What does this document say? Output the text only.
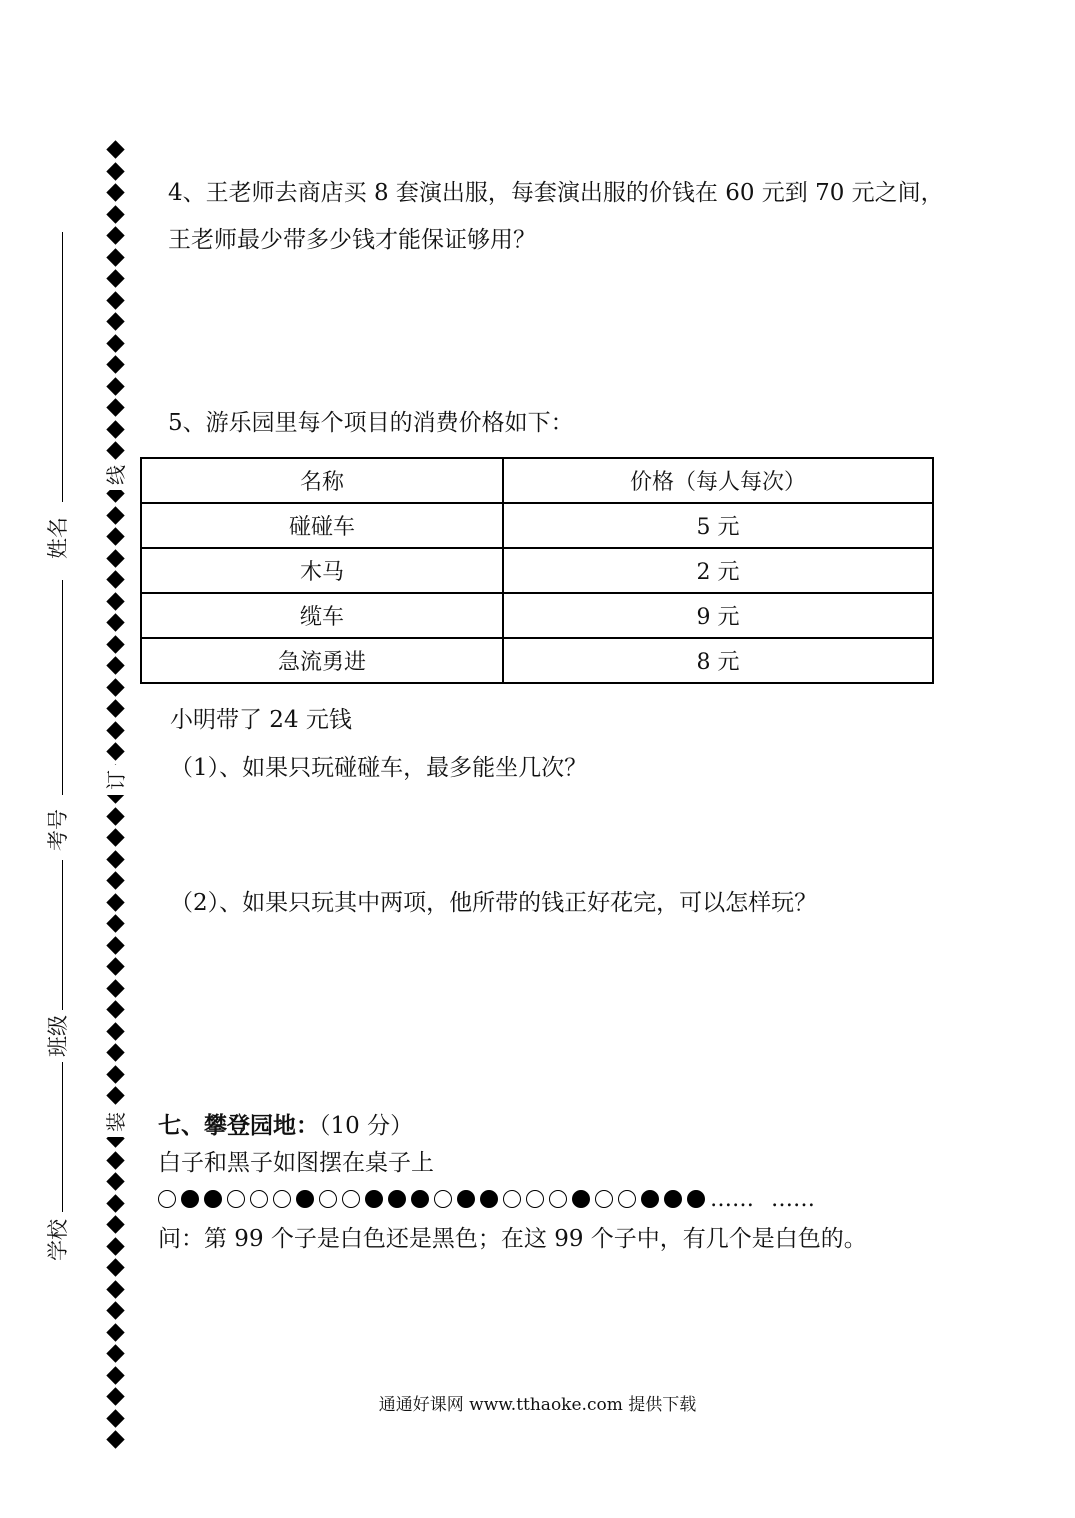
线
订
装
姓名
考号
班级
学校
4、王老师去商店买 8 套演出服，每套演出服的价钱在 60 元到 70 元之间，
王老师最少带多少钱才能保证够用？
5、游乐园里每个项目的消费价格如下：
名称	价格（每人每次）
碰碰车	5 元
木马	2 元
缆车	9 元
急流勇进	8 元
小明带了 24 元钱
（1）、如果只玩碰碰车，最多能坐几次？
（2）、如果只玩其中两项，他所带的钱正好花完，可以怎样玩？
七、攀登园地：（10 分）
白子和黑子如图摆在桌子上
…… ……
问：第 99 个子是白色还是黑色；在这 99 个子中，有几个是白色的。
通通好课网 www.tthaoke.com 提供下载
